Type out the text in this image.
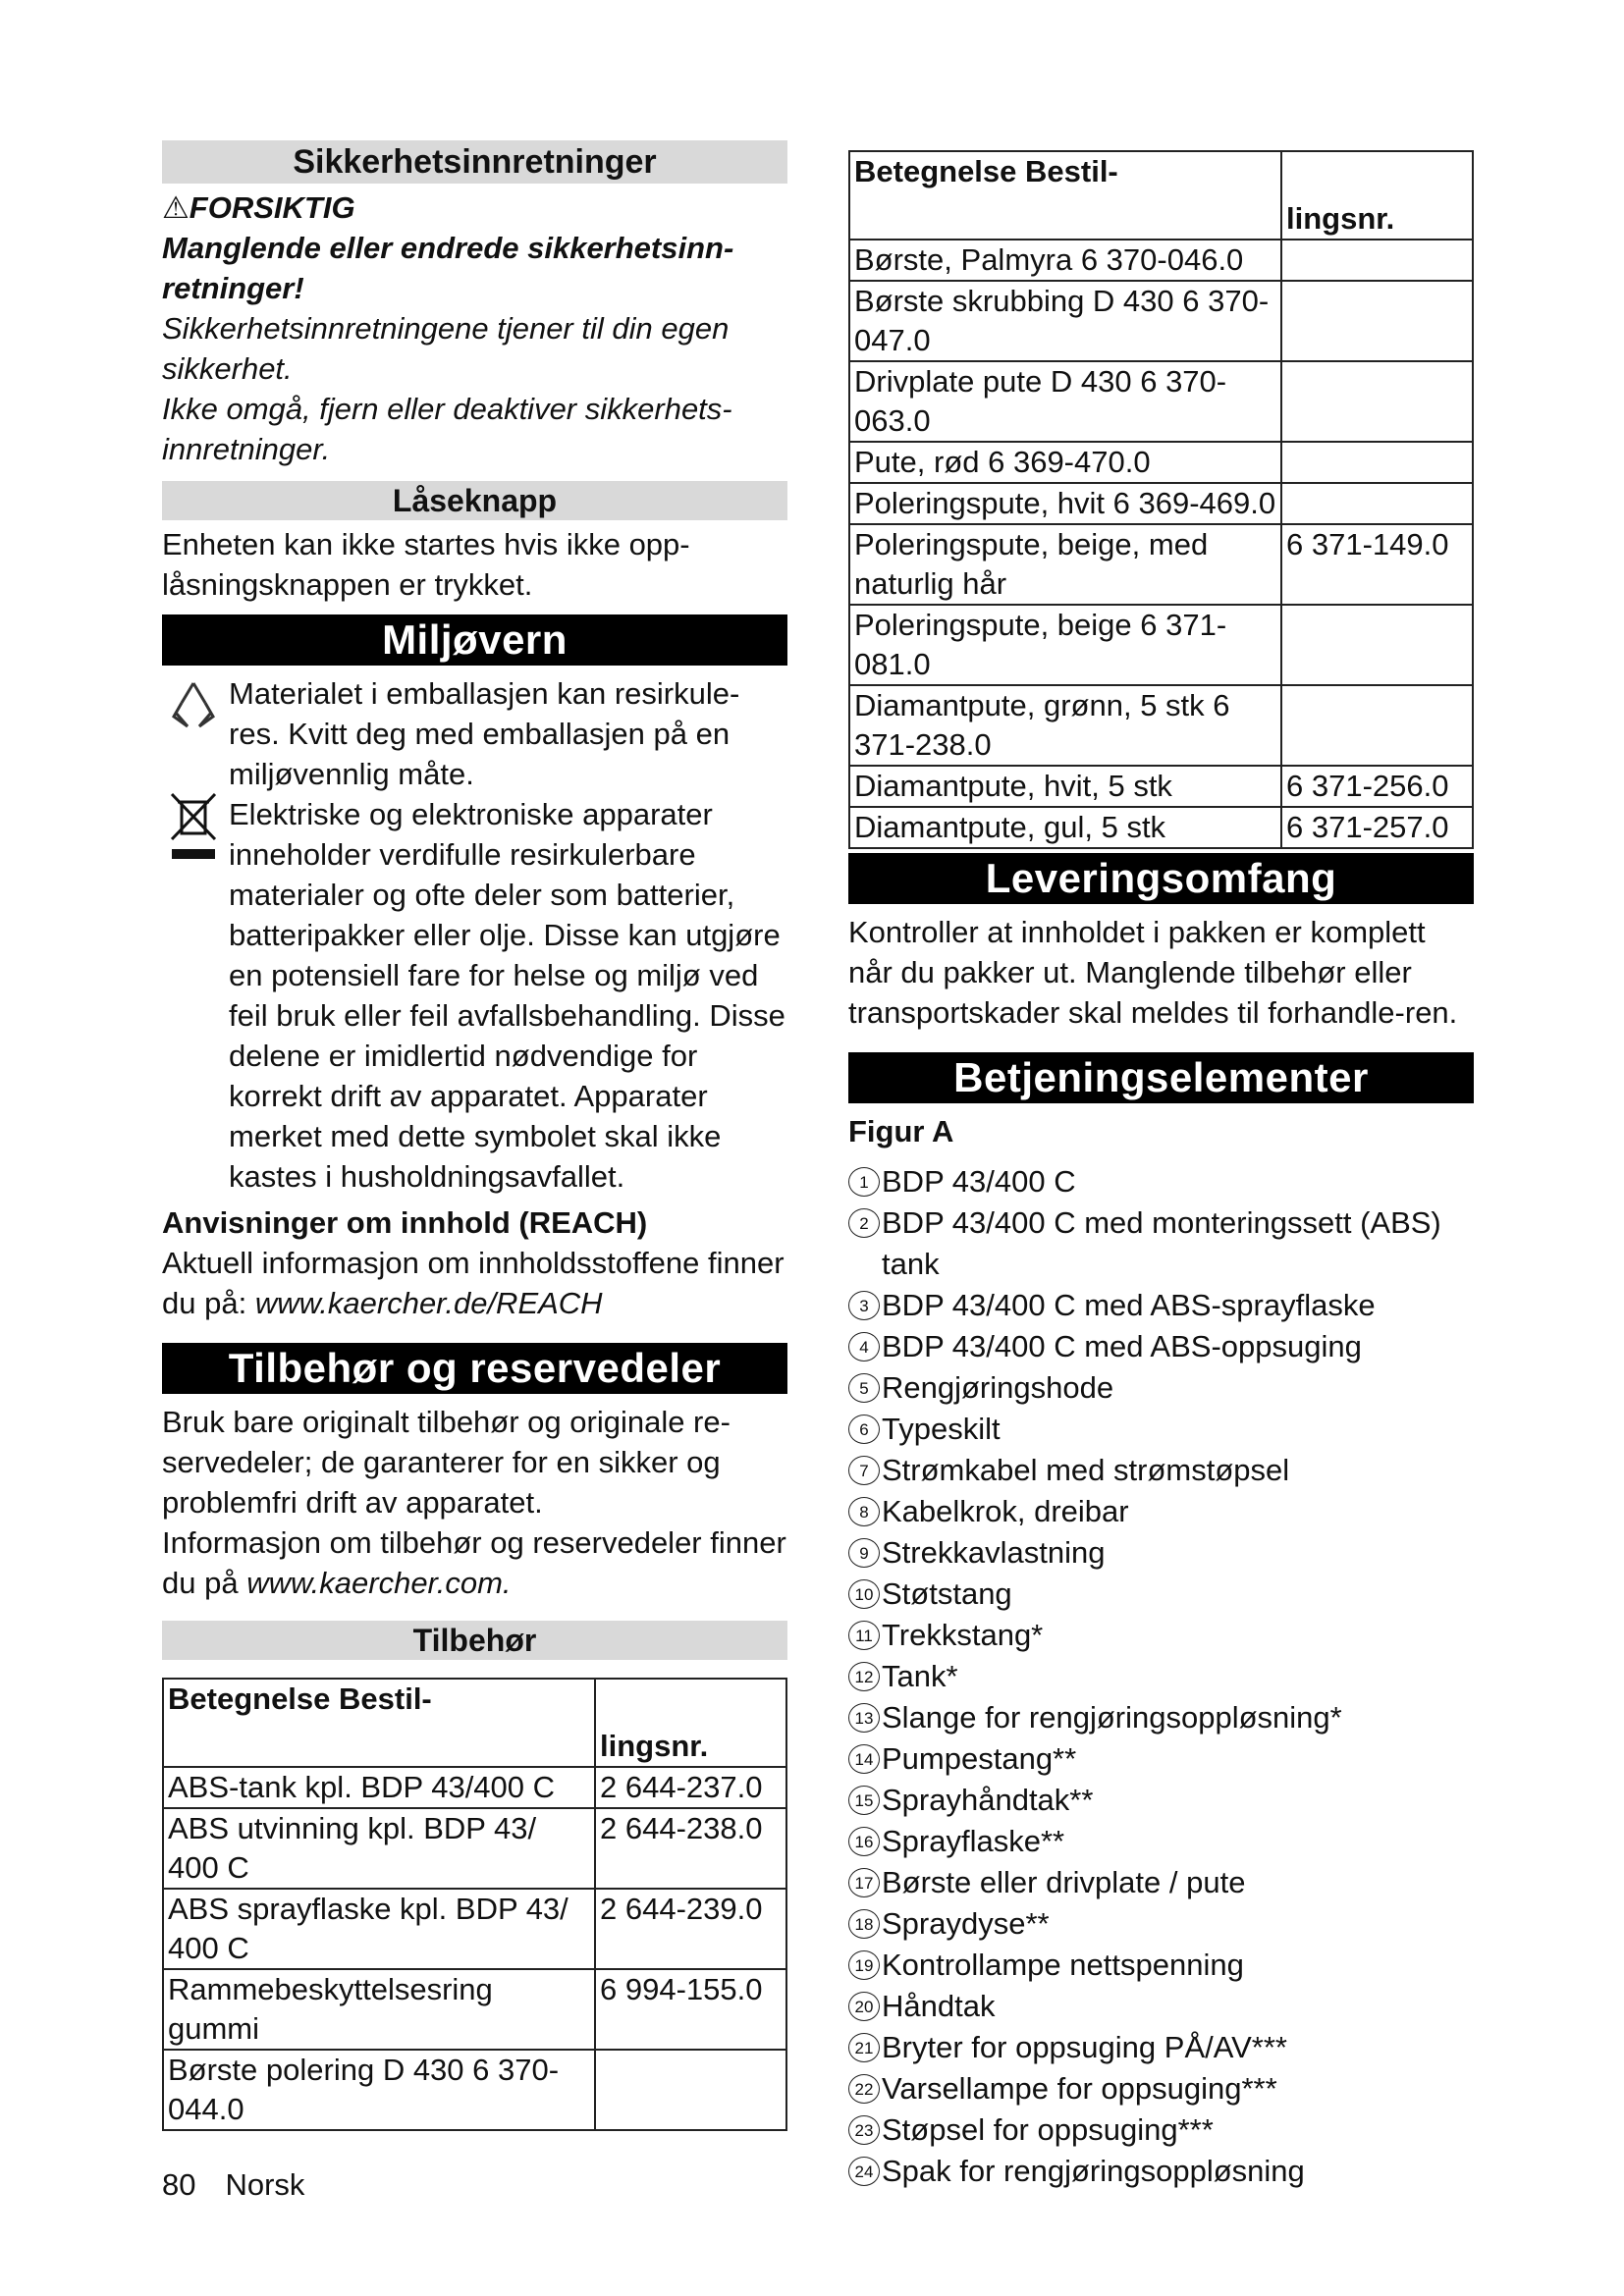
Sikkerhetsinnretninger

⚠FORSIKTIG

Manglende eller endrede sikkerhetsinn-retninger!

Sikkerhetsinnretningene tjener til din egen sikkerhet.

Ikke omgå, fjern eller deaktiver sikkerhets-innretninger.

Låseknapp

Enheten kan ikke startes hvis ikke opp-låsningsknappen er trykket.

Miljøvern

Materialet i emballasjen kan resirkule-res. Kvitt deg med emballasjen på en miljøvennlig måte.

Elektriske og elektroniske apparater inneholder verdifulle resirkulerbare materialer og ofte deler som batterier, batteripakker eller olje. Disse kan utgjøre en potensiell fare for helse og miljø ved feil bruk eller feil avfallsbehandling. Disse delene er imidlertid nødvendige for korrekt drift av apparatet. Apparater merket med dette symbolet skal ikke kastes i husholdningsavfallet.

Anvisninger om innhold (REACH)

Aktuell informasjon om innholdsstoffene finner du på: www.kaercher.de/REACH

Tilbehør og reservedeler

Bruk bare originalt tilbehør og originale re-servedeler; de garanterer for en sikker og problemfri drift av apparatet.

Informasjon om tilbehør og reservedeler finner du på www.kaercher.com.

Tilbehør
Betegnelse Bestil-	lingsnr.
ABS-tank kpl. BDP 43/400 C	2 644-237.0
ABS utvinning kpl. BDP 43/ 400 C	2 644-238.0
ABS sprayflaske kpl. BDP 43/ 400 C	2 644-239.0
Rammebeskyttelsesring gummi	6 994-155.0
Børste polering D 430 6 370-044.0	
Betegnelse Bestil-	lingsnr.
Børste, Palmyra 6 370-046.0	
Børste skrubbing D 430 6 370-047.0	
Drivplate pute D 430 6 370-063.0	
Pute, rød 6 369-470.0	
Poleringspute, hvit 6 369-469.0	
Poleringspute, beige, med naturlig hår	6 371-149.0
Poleringspute, beige 6 371-081.0	
Diamantpute, grønn, 5 stk 6 371-238.0	
Diamantpute, hvit, 5 stk	6 371-256.0
Diamantpute, gul, 5 stk	6 371-257.0
Leveringsomfang

Kontroller at innholdet i pakken er komplett når du pakker ut. Manglende tilbehør eller transportskader skal meldes til forhandle-ren.

Betjeningselementer

Figur A

1 BDP 43/400 C
2 BDP 43/400 C med monteringssett (ABS) tank
3 BDP 43/400 C med ABS-sprayflaske
4 BDP 43/400 C med ABS-oppsuging
5 Rengjøringshode
6 Typeskilt
7 Strømkabel med strømstøpsel
8 Kabelkrok, dreibar
9 Strekkavlastning
10 Støtstang
11 Trekkstang*
12 Tank*
13 Slange for rengjøringsoppløsning*
14 Pumpestang**
15 Sprayhåndtak**
16 Sprayflaske**
17 Børste eller drivplate / pute
18 Spraydyse**
19 Kontrollampe nettspenning
20 Håndtak
21 Bryter for oppsuging PÅ/AV***
22 Varsellampe for oppsuging***
23 Støpsel for oppsuging***
24 Spak for rengjøringsoppløsning
80 Norsk
